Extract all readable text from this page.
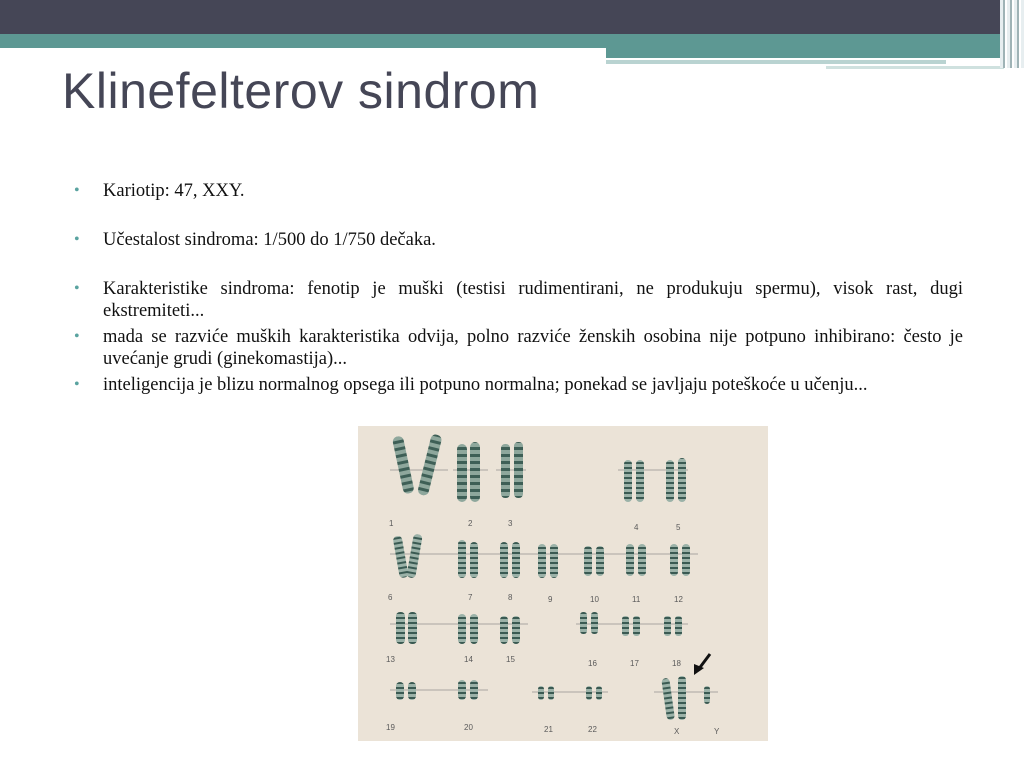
Klinefelterov sindrom
• Kariotip: 47, XXY.
• Učestalost sindroma: 1/500 do 1/750 dečaka.
• Karakteristike sindroma: fenotip je muški (testisi rudimentirani, ne produkuju spermu), visok rast, dugi ekstremiteti...
• mada se razviće muških karakteristika odvija, polno razviće ženskih osobina nije potpuno inhibirano: često je uvećanje grudi (ginekomastija)...
• inteligencija je blizu normalnog opsega ili potpuno normalna; ponekad se javljaju poteškoće u učenju...
1	2	3	4	5
6	7	8	9	10	11	12
13	14	15	16	17	18
19	20	21	22	X	Y
